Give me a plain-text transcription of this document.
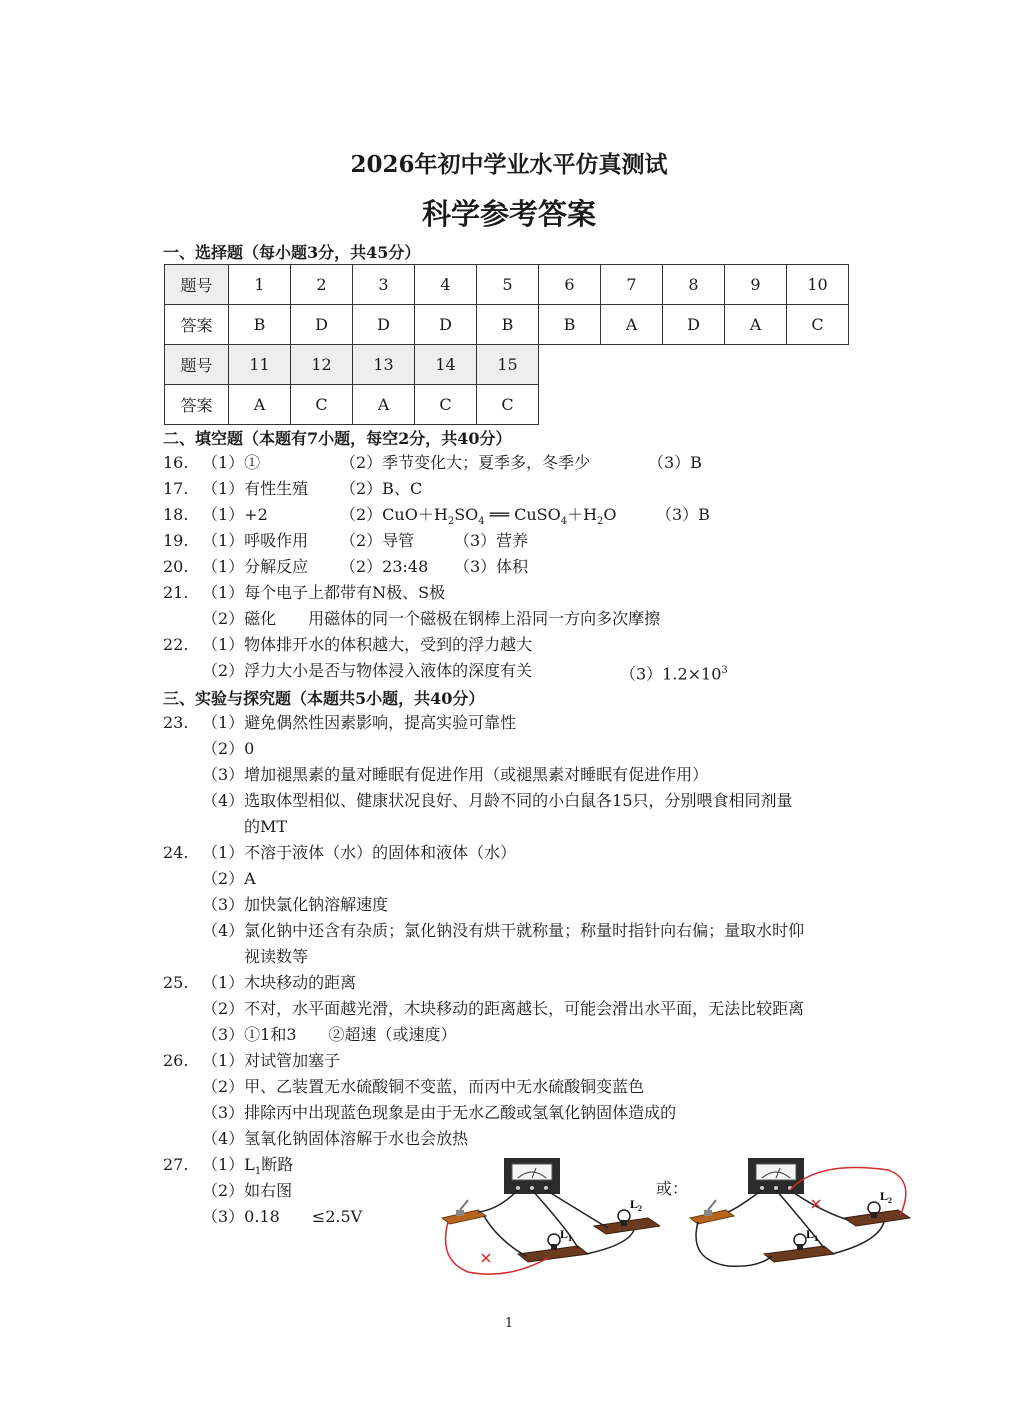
2026年初中学业水平仿真测试
科学参考答案
一、选择题（每小题3分，共45分）
题号	1	2	3	4	5	6	7	8	9	10
答案	B	D	D	D	B	B	A	D	A	C
题号	11	12	13	14	15
答案	A	C	A	C	C
二、填空题（本题有7小题，每空2分，共40分）
16. （1）①	（2）季节变化大；夏季多，冬季少	（3）B
17. （1）有性生殖 （2）B、C
18. （1）+2	$(2)CuO+H_2SO_4$ ══ $CuSO_4+H_2O$ （3）B
19. （1）呼吸作用 （2）导管 （3）营养
20. （1）分解反应 （2）23:48 （3）体积
21. （1）每个电子上都带有N极、S极
（2）磁化　　用磁体的同一个磁极在钢棒上沿同一方向多次摩擦
22. （1）物体排开水的体积越大，受到的浮力越大
（2）浮力大小是否与物体浸入液体的深度有关	$(3)1.2\times 10^3$
三、实验与探究题（本题共5小题，共40分）
23. （1）避免偶然性因素影响，提高实验可靠性
（2）0
（3）增加褪黑素的量对睡眠有促进作用（或褪黑素对睡眠有促进作用）
（4）选取体型相似、健康状况良好、月龄不同的小白鼠各15只，分别喂食相同剂量
的MT
24. （1）不溶于液体（水）的固体和液体（水）
（2）A
（3）加快氯化钠溶解速度
（4）氯化钠中还含有杂质；氯化钠没有烘干就称量；称量时指针向右偏；量取水时仰
视读数等
25. （1）木块移动的距离
（2）不对，水平面越光滑，木块移动的距离越长，可能会滑出水平面，无法比较距离
（3）①1和3　　②超速（或速度）
26. （1）对试管加塞子
（2）甲、乙装置无水硫酸铜不变蓝，而丙中无水硫酸铜变蓝色
（3）排除丙中出现蓝色现象是由于无水乙酸或氢氧化钠固体造成的
（4）氢氧化钠固体溶解于水也会放热
27. $(1)L_1$断路
（2）如右图
（3）0.18　　≤2.5V
$L_2$
$L_1$
或：	$L_2$
$L_1$
1
